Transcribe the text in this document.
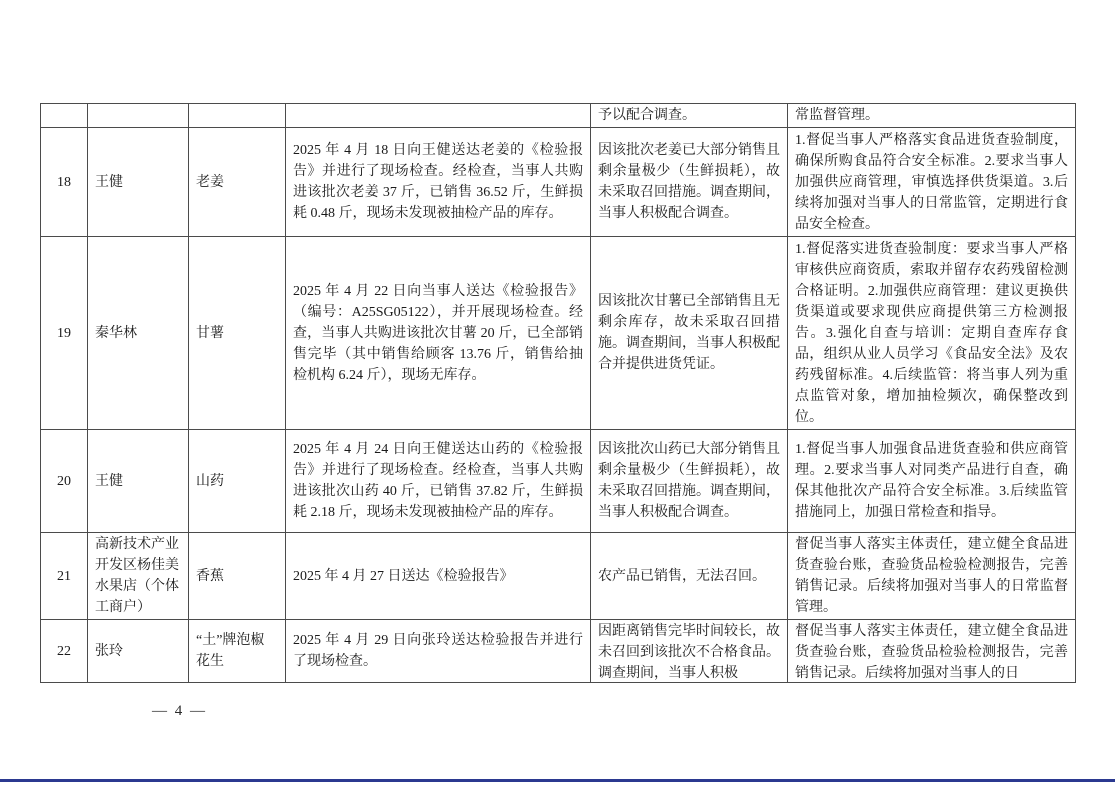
				予以配合调查。	常监督管理。

18	王健	老姜	2025 年 4 月 18 日向王健送达老姜的《检验报告》并进行了现场检查。经检查，当事人共购进该批次老姜 37 斤，已销售 36.52 斤，生鲜损耗 0.48 斤，现场未发现被抽检产品的库存。	因该批次老姜已大部分销售且剩余量极少（生鲜损耗），故未采取召回措施。调查期间，当事人积极配合调查。	1.督促当事人严格落实食品进货查验制度，确保所购食品符合安全标准。2.要求当事人加强供应商管理，审慎选择供货渠道。3.后续将加强对当事人的日常监管，定期进行食品安全检查。

19	秦华林	甘薯	2025 年 4 月 22 日向当事人送达《检验报告》（编号：A25SG05122），并开展现场检查。经查，当事人共购进该批次甘薯 20 斤，已全部销售完毕（其中销售给顾客 13.76 斤，销售给抽检机构 6.24 斤），现场无库存。	因该批次甘薯已全部销售且无剩余库存，故未采取召回措施。调查期间，当事人积极配合并提供进货凭证。	1.督促落实进货查验制度：要求当事人严格审核供应商资质，索取并留存农药残留检测合格证明。2.加强供应商管理：建议更换供货渠道或要求现供应商提供第三方检测报告。3.强化自查与培训：定期自查库存食品，组织从业人员学习《食品安全法》及农药残留标准。4.后续监管：将当事人列为重点监管对象，增加抽检频次，确保整改到位。

20	王健	山药	2025 年 4 月 24 日向王健送达山药的《检验报告》并进行了现场检查。经检查，当事人共购进该批次山药 40 斤，已销售 37.82 斤，生鲜损耗 2.18 斤，现场未发现被抽检产品的库存。	因该批次山药已大部分销售且剩余量极少（生鲜损耗），故未采取召回措施。调查期间，当事人积极配合调查。	1.督促当事人加强食品进货查验和供应商管理。2.要求当事人对同类产品进行自查，确保其他批次产品符合安全标准。3.后续监管措施同上，加强日常检查和指导。

21	高新技术产业开发区杨佳美水果店（个体工商户）	香蕉	2025 年 4 月 27 日送达《检验报告》	农产品已销售，无法召回。	督促当事人落实主体责任，建立健全食品进货查验台账，查验货品检验检测报告，完善销售记录。后续将加强对当事人的日常监督管理。

22	张玲	“土”牌泡椒花生	2025 年 4 月 29 日向张玲送达检验报告并进行了现场检查。	因距离销售完毕时间较长，故未召回到该批次不合格食品。调查期间，当事人积极	督促当事人落实主体责任，建立健全食品进货查验台账，查验货品检验检测报告，完善销售记录。后续将加强对当事人的日
— 4 —
